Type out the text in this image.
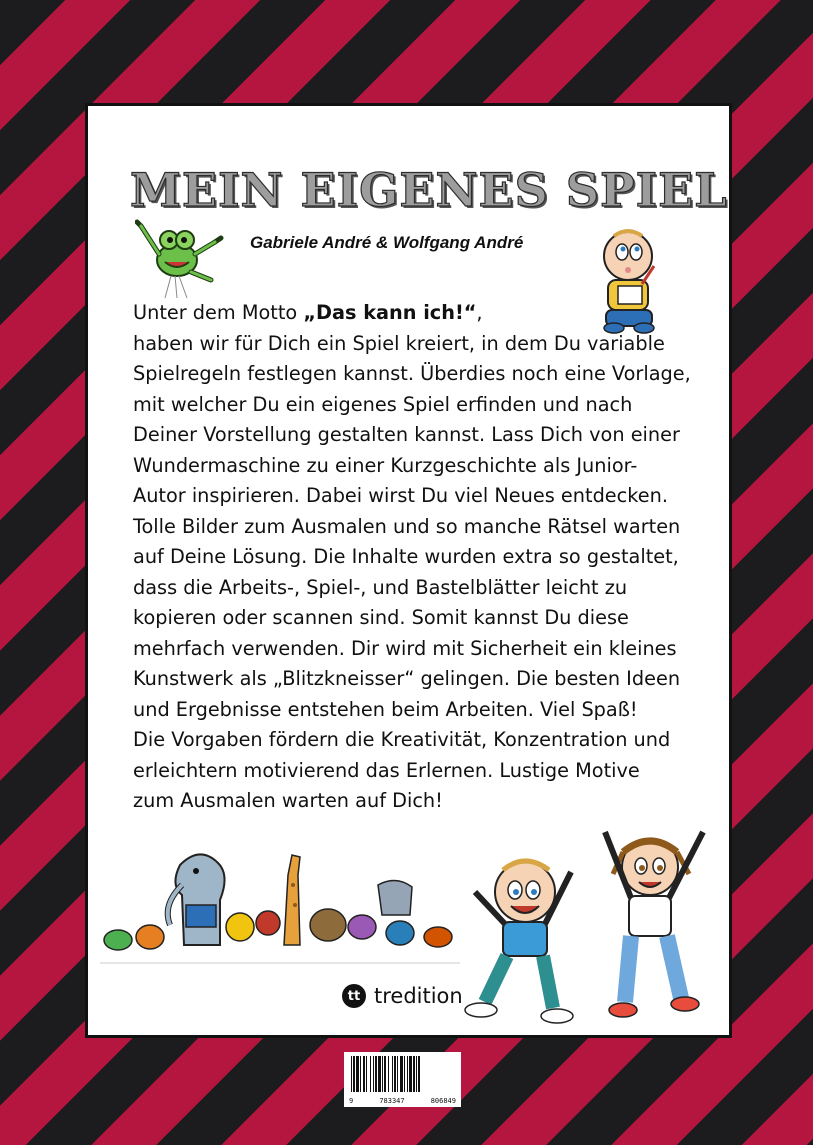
MEIN EIGENES SPIEL
Gabriele André & Wolfgang André

Unter dem Motto „Das kann ich!“,

haben wir für Dich ein Spiel kreiert, in dem Du variable

Spielregeln festlegen kannst. Überdies noch eine Vorlage,

mit welcher Du ein eigenes Spiel erfinden und nach

Deiner Vorstellung gestalten kannst. Lass Dich von einer

Wundermaschine zu einer Kurzgeschichte als Junior-

Autor inspirieren. Dabei wirst Du viel Neues entdecken.

Tolle Bilder zum Ausmalen und so manche Rätsel warten

auf Deine Lösung. Die Inhalte wurden extra so gestaltet,

dass die Arbeits-, Spiel-, und Bastelblätter leicht zu

kopieren oder scannen sind. Somit kannst Du diese

mehrfach verwenden. Dir wird mit Sicherheit ein kleines

Kunstwerk als „Blitzkneisser“ gelingen. Die besten Ideen

und Ergebnisse entstehen beim Arbeiten. Viel Spaß!

Die Vorgaben fördern die Kreativität, Konzentration und

erleichtern motivierend das Erlernen. Lustige Motive

zum Ausmalen warten auf Dich!

tt tredition
9	783347	806849
